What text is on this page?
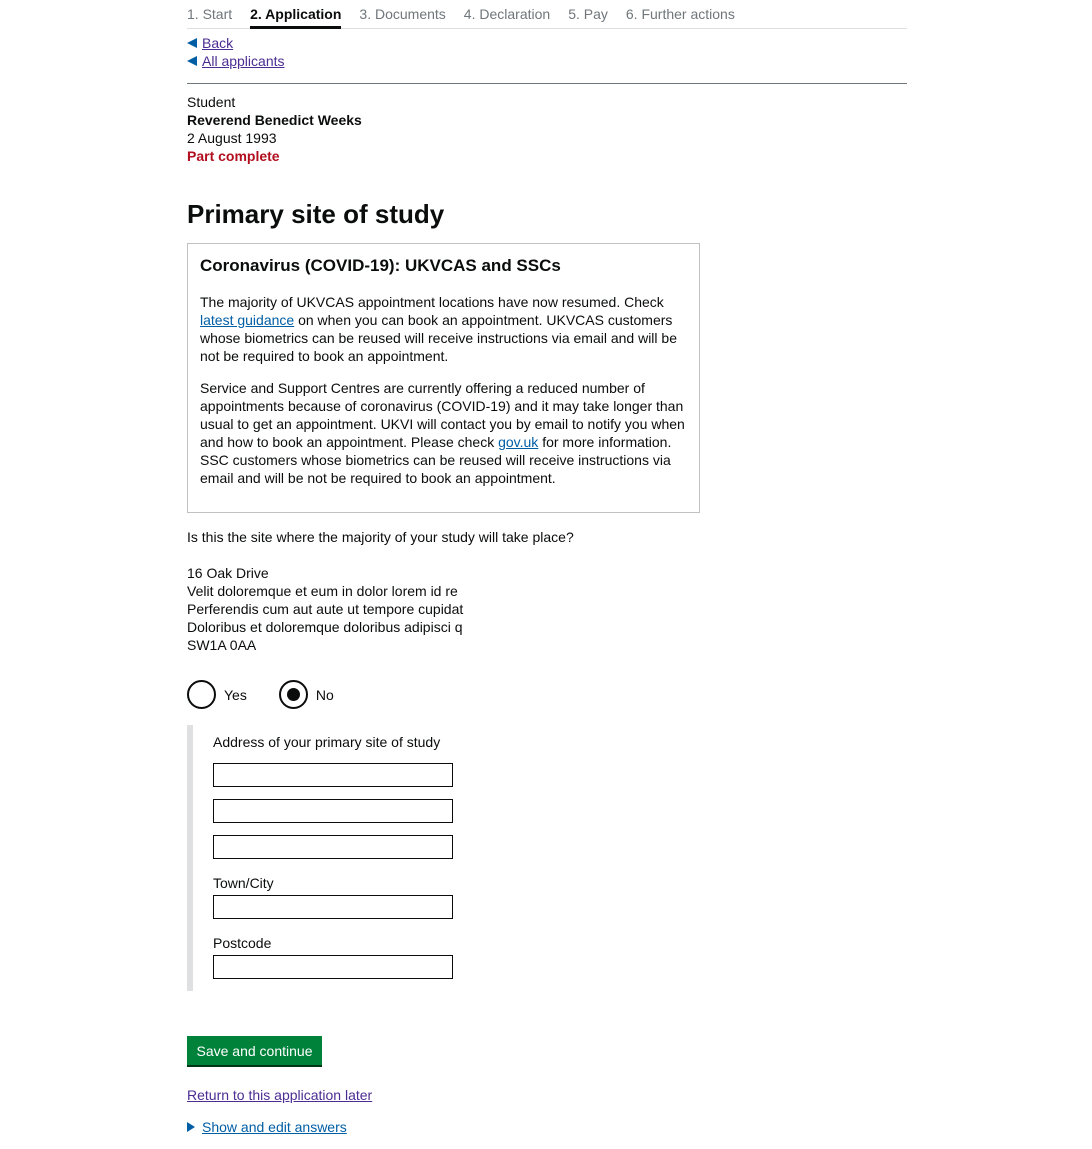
1. Start 2. Application 3. Documents 4. Declaration 5. Pay 6. Further actions
Back
All applicants
Student
Reverend Benedict Weeks
2 August 1993
Part complete
Primary site of study
Coronavirus (COVID-19): UKVCAS and SSCs

The majority of UKVCAS appointment locations have now resumed. Check latest guidance on when you can book an appointment. UKVCAS customers whose biometrics can be reused will receive instructions via email and will be not be required to book an appointment.

Service and Support Centres are currently offering a reduced number of appointments because of coronavirus (COVID-19) and it may take longer than usual to get an appointment. UKVI will contact you by email to notify you when and how to book an appointment. Please check gov.uk for more information. SSC customers whose biometrics can be reused will receive instructions via email and will be not be required to book an appointment.

Is this the site where the majority of your study will take place?
16 Oak Drive
Velit doloremque et eum in dolor lorem id re
Perferendis cum aut aute ut tempore cupidat
Doloribus et doloremque doloribus adipisci q
SW1A 0AA
Yes	No
Address of your primary site of study
Town/City
Postcode
Save and continue
Return to this application later
Show and edit answers
